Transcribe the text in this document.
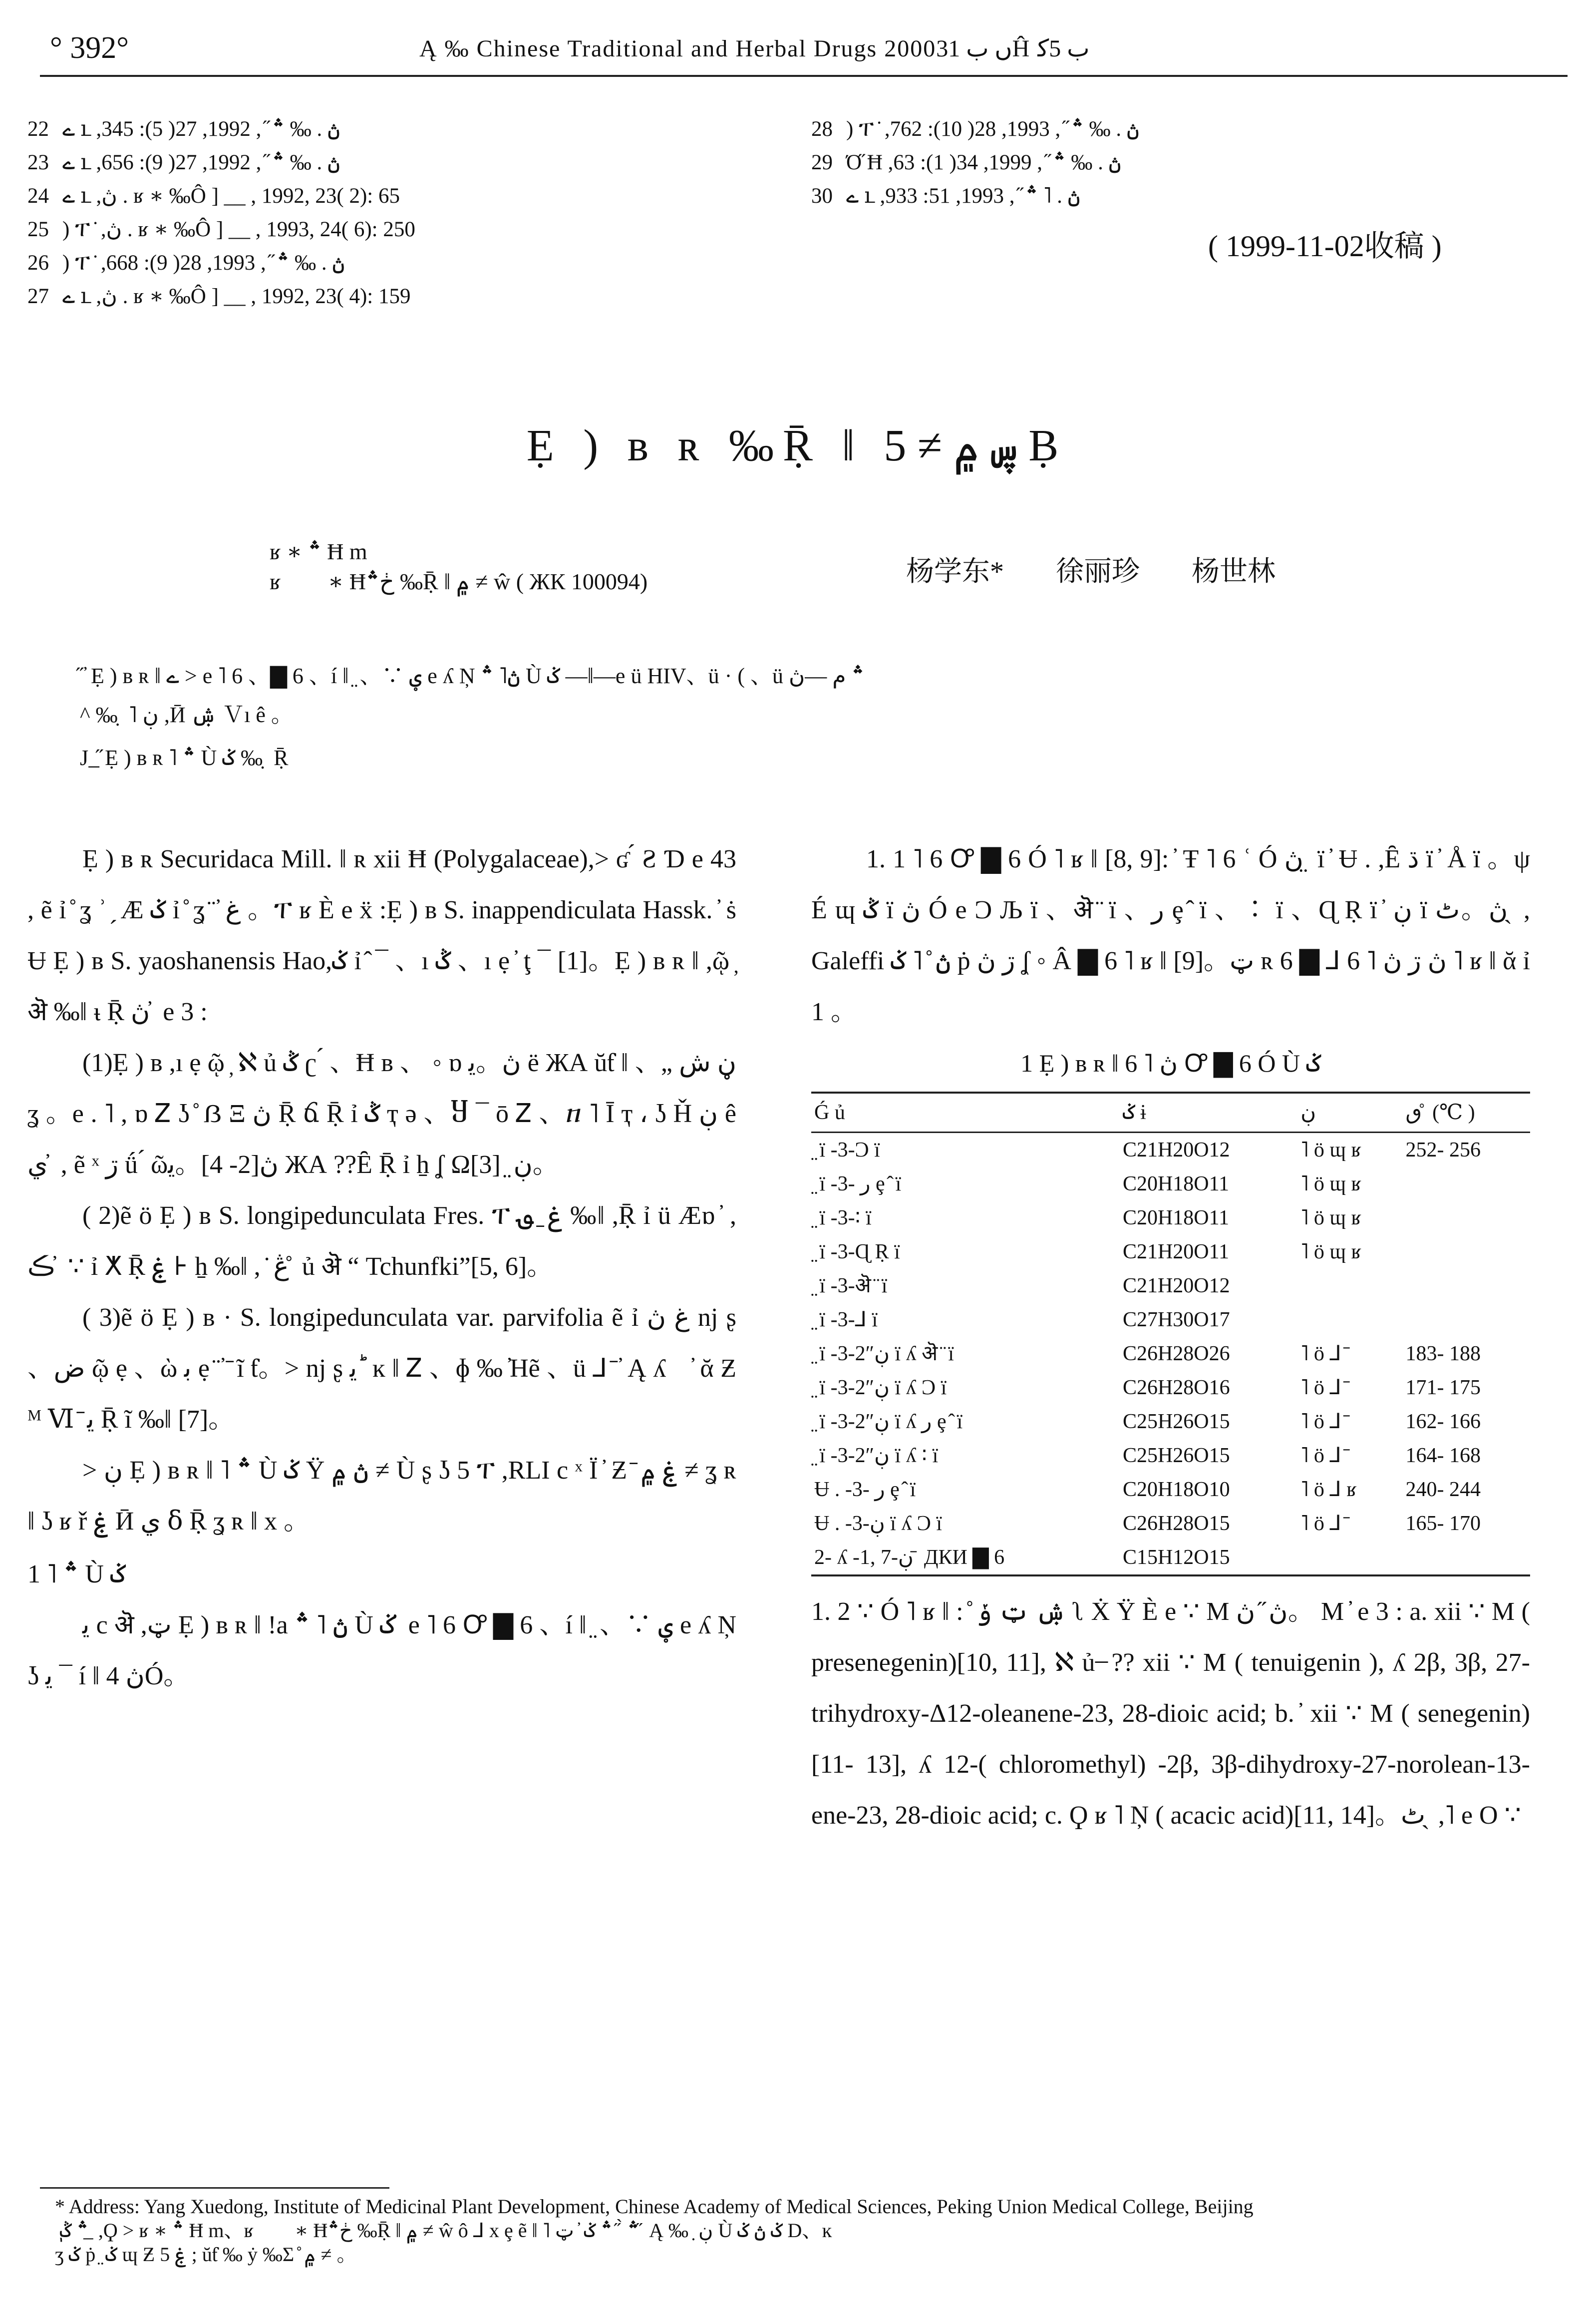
° 392°	Ą ‰ Chinese Traditional and Herbal Drugs 2000ں ب 31Ĥ ب 5ﮐ
22 ے ւ ,ڽ . ‰ ؞ ̋ , 1992, 27( 5): 345
23 ے ւ ,ڽ . ‰ ؞ ̋ , 1992, 27( 9): 656
24 ے ւ ,ڽ . ʁ ∗ ‰Ô ] __ , 1992, 23( 2): 65
25 ) ፐ ̇ ,ڽ . ʁ ∗ ‰Ô ] __ , 1993, 24( 6): 250
26 ) ፐ ̇ ,ڽ . ‰ ؞ ̋ , 1993, 28( 9): 668
27 ے ւ ,ڽ . ʁ ∗ ‰Ô ] __ , 1992, 23( 4): 159
28 ) ፐ ̇ ,ڽ . ‰ ؞ ̋ , 1993, 28( 10): 762
29 Ό̋ Ħ ,ڽ . ‰ ؞ ̋ , 1999, 34( 1): 63
30 ے ւ ,ڽ . ˥ ؞ ̋ , 1993, 51: 933
( 1999-11-02收稿 )
Ẹ ) ʙ ʀ ‰Ṝ ǁ ڛ ۾ ≠ 5 Ḅ
ʁ ∗ ؞ Ħ m
ʁ ېؒ ∗ Ħڂ؞ ‰Ṝ ǁ ۾ ≠ ŵ ( ЖК 100094)	杨学东* 徐丽珍 杨世林
̋ ̓ Ẹ ) ʙ ʀ ǁ ے > e ˥ 6 、▇ 6 、í ǁ ̤ 、∵ ؠ e ʎ Ņ ڽ˥ ؞ Ù ݢ —ǁ—e ü HIV、ü · ( 、ü ؞ م —ڽ
^ ‰ ̣ ˥ ڹ ,Ӣ ۺ Ｖı ê 。
J ̲ ̋ Ẹ ) ʙ ʀ ˥ ؞ Ù ݢ ‰ ̣ Ṝ

Ẹ ) ʙ ʀ Securidaca Mill. ǁ ʀ xii Ħ (Polygalaceae),> ʛ ́ Ƨ Ɗ e 43 , ẽ ỉ ̊ ʓ ʾ ̗ Æ ݢ ỉ ̊ ʓ ̈ ̓ غ 。ፐ ʁ È e ẍ :Ẹ ) ʙ S. inappendiculata Hassk. ̓ ṡ Ʉ Ẹ ) ʙ S. yaoshanensis Hao,ݢ ỉ ̂ ¯ 、ı ݣ 、ı ẹ ̓ ţ ¯ [1]。Ẹ ) ʙ ʀ ǁ ,ῷ ̦ ऄ ‰ǁ ᵼ Ṝ ڽ ̓ e 3 :

(1)Ẹ ) ʙ ,ı ẹ ῷ ̦ ℵ ủ ݣ ʗ ́ 、Ħ ʙ 、 ◦ ɒ ڽ。ﯾ ë ЖА ŭƭ ‖ 、„ ڼ ش ʓ 。e . ˥ , ɒ Ꮓ ʖ ̊ ẞ Ξ ڽ Ṝ ճ Ṝ ỉ ݣ ҭ ə 、Ⴘ ¯ ō Ꮓ 、ⴖ ˥ Ī ҭ ، ʖ Ȟ ڹ ê ي ̓ , ẽ ˣ ڗ ǘ ́ ῶڽ[2- 4]。ﯾ ЖА ??Ȇ Ṝ ỉ ẖ ʆ Ωڹ ̤ [3]。

( 2)ẽ ö Ẹ ) ʙ S. longipedunculata Fres. ፐ غ ̱ ؈ ‰ǁ ,Ṝ ỉ ü Æɒ ̓ , ڪ ̓ ∵ ỉ ⵅ Ṝ ۼ ⊦ ẖ ‰ǁ , ̇ ڠ ̊ ủ ऄ “ Tchunfki”[5, 6]。

( 3)ẽ ö Ẹ ) ʙ · S. longipedunculata var. parvifolia ẽ ỉ غ ڽ ǌ ʂ 、ض ῷ ẹ 、ὼ ﺑ ẹ ̈ ̓ ̄ ĩ ƭ。> ǌ ʂ ﯾ ؕ ĸ ǁ Ꮓ 、ɸ ‰ ̓Hẽ 、ü ⅃ ̄ ̓ Ą ʎ 。̓ ᾰ Ƶ ᴹ Ⅵ ̄ ﯾ Ṝ ĩ ‰ǁ [7]。

> ڹ Ẹ ) ʙ ʀ ǁ ˥ ؞ Ù ݢ Ÿ ڽ ۾ ≠ Ù ʂ ʖ 5 ፐ ,RLI c ˣ Ï ̓ Ƶ ̄ ۼ ۾ ≠ ʓ ʀ ǁ ʖ ʁ ř ۼ Ӣ ي ẟ Ṝ ʓ ʀ ǁ x 。

1 ˥ ؞ Ù ݢ

ﯾ c ऄ ,ټ Ẹ ) ʙ ʀ ǁ ǃa ڽ ˥ ؞ Ù ݢ ̓ e ˥ 6 Ꝍ ▇ 6 、í ǁ ̤ 、∵ ؠ e ʎ Ņ ʖ ﯾ ¯ í ǁ ڽ 4Ó。

1. 1 ˥ 6 Ꝍ ▇ 6 Ó ˥ ʁ ǁ [8, 9]: ̓ Ŧ ˥ 6 ʿ Ó ڽ ̤ ï ̓ Ʉ . ,Ȇ ڌ ï ̓ Å ï 。ψ É ɰ ݣ ï ڽ Ó e Ͻ Љ ï 、ऄ ̈ ï 、ر ȩ ̂ ï 、∶ ï 、Ɋ Ṛ ï ̓ ڹ ï ڽ。ٹ ̖ , Galeffi ڽ ̊ ˥ ݢ ṗ ڗ ڽ ʆ ◦ Â ▇ 6 ˥ ʁ ǁ [9]。ټ ʀ ڽ ڗ ڽ ˥ 6 ⅃ ▇ 6 ˥ ʁ ǁ ᾰ ỉ 1 。

1 Ẹ ) ʙ ʀ ǁ ڽ ˥ 6 Ꝍ ▇ 6 Ó Ù ݢ

Ǵ ủ	ݢ ɨ	ڹ	ٯ ̊ (℃ )
̤ ï -3-Ͻ ï	C21H20O12	˥ ö ɰ ʁ	252- 256
̤ ï -3- ر ȩ ̂ ï	C20H18O11	˥ ö ɰ ʁ	
̤ ï -3-∶ ï	C20H18O11	˥ ö ɰ ʁ	
̤ ï -3-Ɋ Ṛ ï	C21H20O11	˥ ö ɰ ʁ	
̤ ï -3-ऄ ̈ ï	C21H20O12		
̤ ï -3-⅃ ï	C27H30O17		
̤ ï -3-2″ڹ ï ʎ ऄ ̈ ï	C26H28O26	˥ ö ⅃ ̄	183- 188
̤ ï -3-2″ڹ ï ʎ Ͻ ï	C26H28O16	˥ ö ⅃ ̄	171- 175
̤ ï -3-2″ڹ ï ʎ ر ȩ ̂ ï	C25H26O15	˥ ö ⅃ ̄	162- 166
̤ ï -3-2″ڹ ï ʎ ∶ ï	C25H26O15	˥ ö ⅃ ̄	164- 168
Ʉ . -3- ر ȩ ̂ ï	C20H18O10	˥ ö ⅃ ʁ	240- 244
Ʉ . -3-ڹ ï ʎ Ͻ ï	C26H28O15	˥ ö ⅃ ̄	165- 170
2- ʎ -1, 7-ڹ ̄ ДКИ ▇ 6	C15H12O15		

1. 2 ∵ Ó ˥ ʁ ǁ : ̊ ۺ ټ ݸ ʅ Ẋ Ÿ È e ∵ M ڽ ̋ ڽ。 M ̓ e 3 : a. xii ∵ M ( presenegenin)[10, 11], ℵ ủ ̶ ?? xii ∵ M ( tenuigenin ), ʎ 2β, 3β, 27-trihydroxy-Δ12-oleanene-23, 28-dioic acid; b. ̓ xii ∵ M ( senegenin)[11- 13], ʎ 12-( chloromethyl) -2β, 3β-dihydroxy-27-norolean-13-ene-23, 28-dioic acid; c. Ϙ ʁ ˥ Ņ ( acacic acid)[11, 14]。ٹ ̖ ,˥ e O ∵

* Address: Yang Xuedong, Institute of Medicinal Plant Development, Chinese Academy of Medical Sciences, Peking Union Medical College, Beijing
ٖ ؞ ݣ ̲ ,Ϙ > ʁ ∗ ؞ Ħ m、ʁ ېؒ ∗ Ħڂ؞ ‰Ṝ ǁ ۾ ≠ ŵ ô ⅃ x ȩ ẽ ǁ ˥ ؞ ̀ ̋ ؞ ݢ ̓ ټ ̋ Ą ‰ ̣ ڹ Ù ݢ ڽ ݢ D、ĸ
ʒ ݢ ṗ ̤ ݢ ɰ Ƶ ۼ 5 ; ŭƭ ‰ ẏ ‰Σ ̊ ۾ ≠ 。
